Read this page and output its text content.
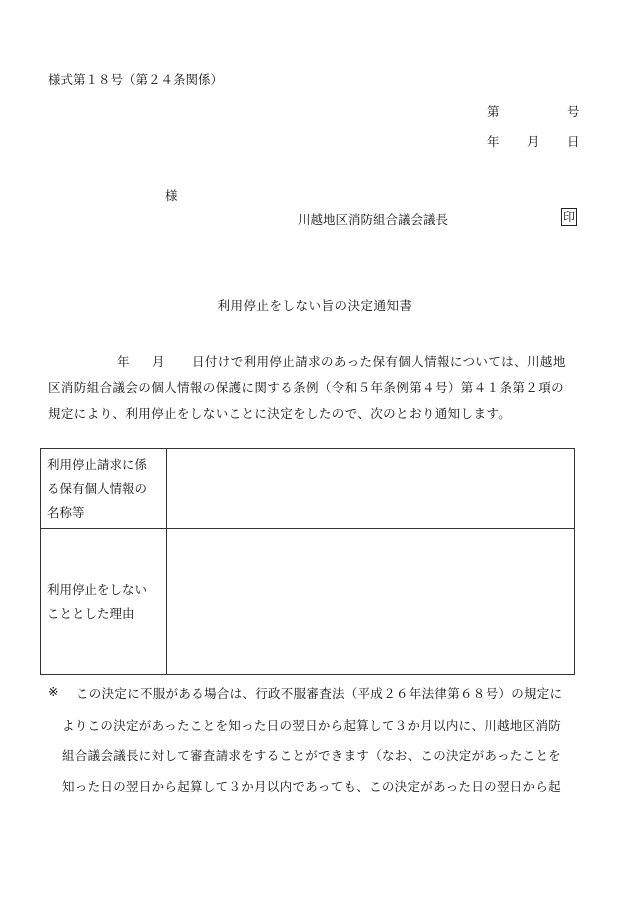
様式第１８号（第２４条関係）
第	号
年 月 日
様
川越地区消防組合議会議長	印
利用停止をしない旨の決定通知書
年 月 日付けで利用停止請求のあった保有個人情報については、川越地
区消防組合議会の個人情報の保護に関する条例（令和５年条例第４号）第４１条第２項の
規定により、利用停止をしないことに決定をしたので、次のとおり通知します。
利用停止請求に係
る保有個人情報の
名称等	

利用停止をしない
こととした理由	

※ この決定に不服がある場合は、行政不服審査法（平成２６年法律第６８号）の規定に
よりこの決定があったことを知った日の翌日から起算して３か月以内に、川越地区消防
組合議会議長に対して審査請求をすることができます（なお、この決定があったことを
知った日の翌日から起算して３か月以内であっても、この決定があった日の翌日から起
